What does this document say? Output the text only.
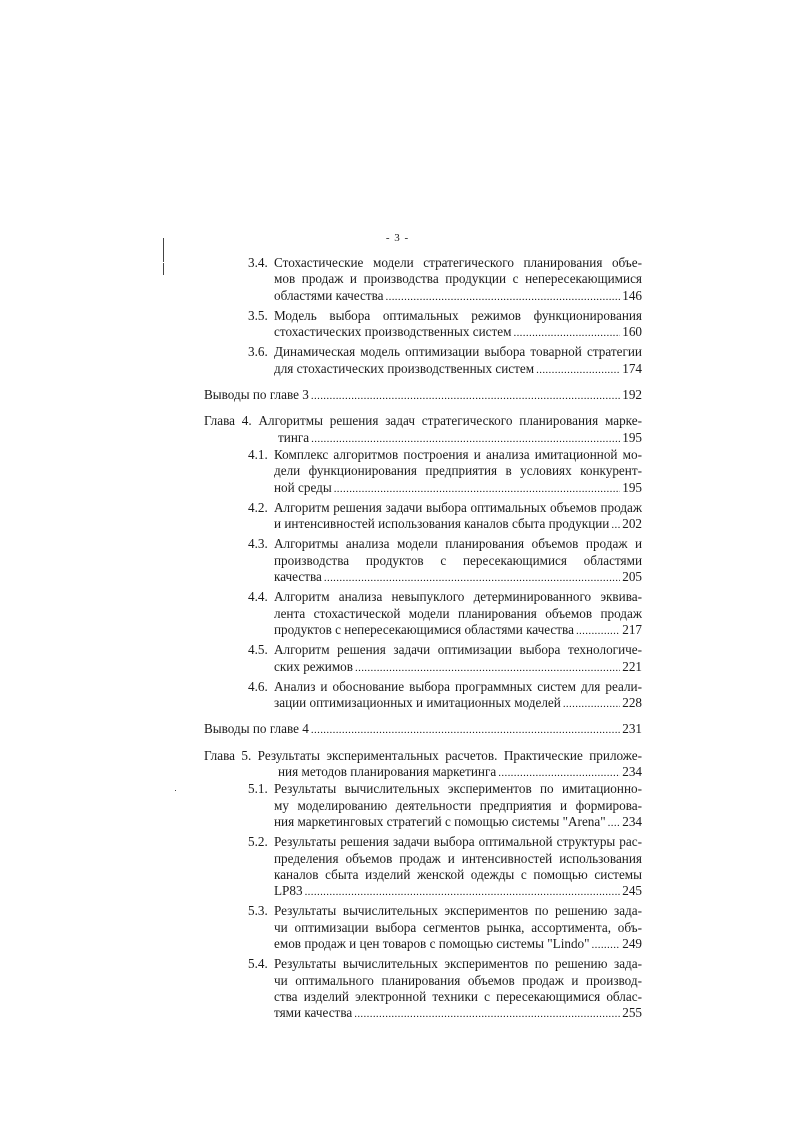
- 3 -
3.4. Стохастические модели стратегического планирования объе-
мов продаж и производства продукции с непересекающимися
областями качества . . .	146
3.5. Модель выбора оптимальных режимов функционирования
стохастических производственных систем . . .	160
3.6. Динамическая модель оптимизации выбора товарной стратегии
для стохастических производственных систем . . .	174
Выводы по главе 3 . . .	192
Глава 4. Алгоритмы решения задач стратегического планирования марке-
тинга . . .	195
4.1. Комплекс алгоритмов построения и анализа имитационной мо-
дели функционирования предприятия в условиях конкурент-
ной среды . . .	195
4.2. Алгоритм решения задачи выбора оптимальных объемов продаж
и интенсивностей использования каналов сбыта продукции . . . 202
4.3. Алгоритмы анализа модели планирования объемов продаж и
производства продуктов с пересекающимися областями
качества . . .	205
4.4. Алгоритм анализа невыпуклого детерминированного эквива-
лента стохастической модели планирования объемов продаж
продуктов с непересекающимися областями качества . . .	217
4.5. Алгоритм решения задачи оптимизации выбора технологиче-
ских режимов . . .	221
4.6. Анализ и обоснование выбора программных систем для реали-
зации оптимизационных и имитационных моделей . . .	228
Выводы по главе 4 . . .	231
Глава 5. Результаты экспериментальных расчетов. Практические приложе-
ния методов планирования маркетинга . . .	234
5.1. Результаты вычислительных экспериментов по имитационно-
му моделированию деятельности предприятия и формирова-
ния маркетинговых стратегий с помощью системы "Arena" . . . 234
5.2. Результаты решения задачи выбора оптимальной структуры рас-
пределения объемов продаж и интенсивностей использования
каналов сбыта изделий женской одежды с помощью системы
LP83 . . .	245
5.3. Результаты вычислительных экспериментов по решению зада-
чи оптимизации выбора сегментов рынка, ассортимента, объ-
емов продаж и цен товаров с помощью системы "Lindo" . . . 249
5.4. Результаты вычислительных экспериментов по решению зада-
чи оптимального планирования объемов продаж и производ-
ства изделий электронной техники с пересекающимися облас-
тями качества . . .	255
